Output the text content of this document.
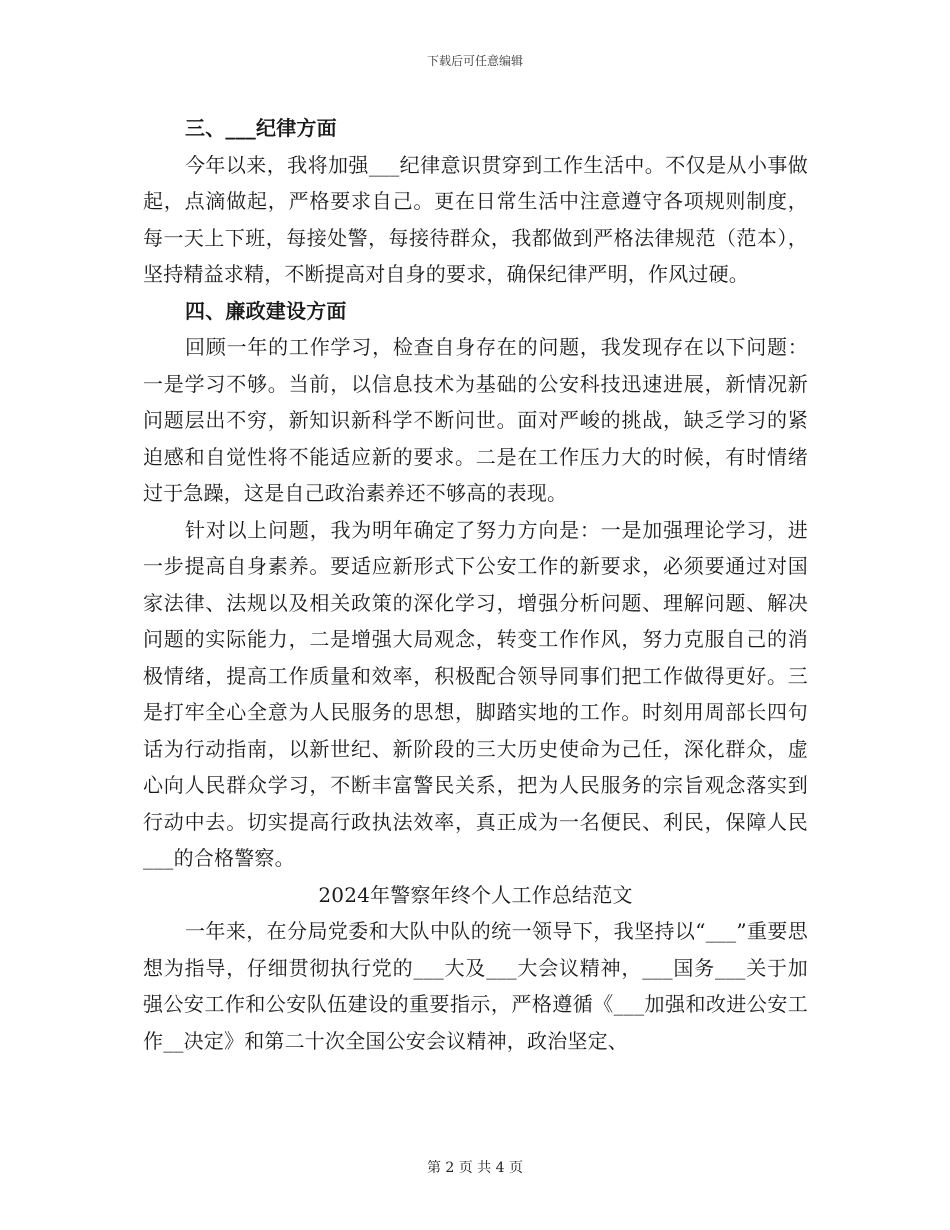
下载后可任意编辑

三、___纪律方面

今年以来，我将加强___纪律意识贯穿到工作生活中。不仅是从小事做起，点滴做起，严格要求自己。更在日常生活中注意遵守各项规则制度，每一天上下班，每接处警，每接待群众，我都做到严格法律规范（范本），坚持精益求精，不断提高对自身的要求，确保纪律严明，作风过硬。

四、廉政建设方面

回顾一年的工作学习，检查自身存在的问题，我发现存在以下问题：一是学习不够。当前，以信息技术为基础的公安科技迅速进展，新情况新问题层出不穷，新知识新科学不断问世。面对严峻的挑战，缺乏学习的紧迫感和自觉性将不能适应新的要求。二是在工作压力大的时候，有时情绪过于急躁，这是自己政治素养还不够高的表现。

针对以上问题，我为明年确定了努力方向是：一是加强理论学习，进一步提高自身素养。要适应新形式下公安工作的新要求，必须要通过对国家法律、法规以及相关政策的深化学习，增强分析问题、理解问题、解决问题的实际能力，二是增强大局观念，转变工作作风，努力克服自己的消极情绪，提高工作质量和效率，积极配合领导同事们把工作做得更好。三是打牢全心全意为人民服务的思想，脚踏实地的工作。时刻用周部长四句话为行动指南，以新世纪、新阶段的三大历史使命为己任，深化群众，虚心向人民群众学习，不断丰富警民关系，把为人民服务的宗旨观念落实到行动中去。切实提高行政执法效率，真正成为一名便民、利民，保障人民___的合格警察。

2024年警察年终个人工作总结范文

一年来，在分局党委和大队中队的统一领导下，我坚持以“___”重要思想为指导，仔细贯彻执行党的___大及___大会议精神，___国务___关于加强公安工作和公安队伍建设的重要指示，严格遵循《___加强和改进公安工作__决定》和第二十次全国公安会议精神，政治坚定、

第 2 页 共 4 页
